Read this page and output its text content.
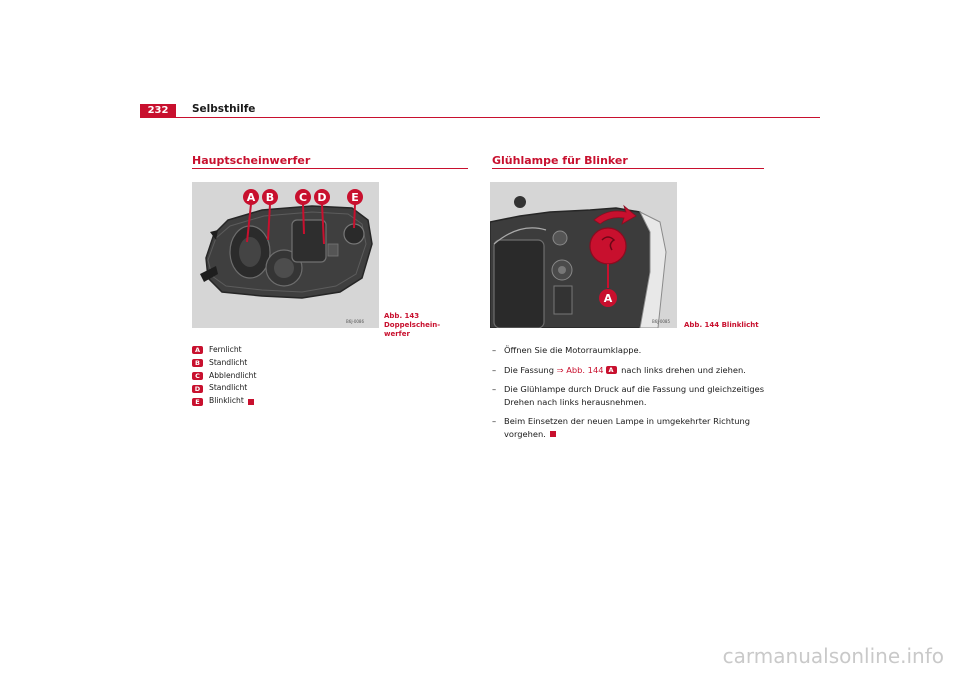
232	Selbsthilfe
Hauptscheinwerfer
A B C D E
B6J-0086
Abb. 143 Doppelschein-
werfer
A	Fernlicht
B	Standlicht
C	Abblendlicht
D	Standlicht
E	Blinklicht
Glühlampe für Blinker
A
B6J-0085 Abb. 144 Blinklicht
– Öffnen Sie die Motorraumklappe.
– Die Fassung ⇒ Abb. 144 A nach links drehen und ziehen.
– Die Glühlampe durch Druck auf die Fassung und gleichzeitiges Drehen nach links herausnehmen.
– Beim Einsetzen der neuen Lampe in umgekehrter Richtung vorgehen.
carmanualsonline.info
